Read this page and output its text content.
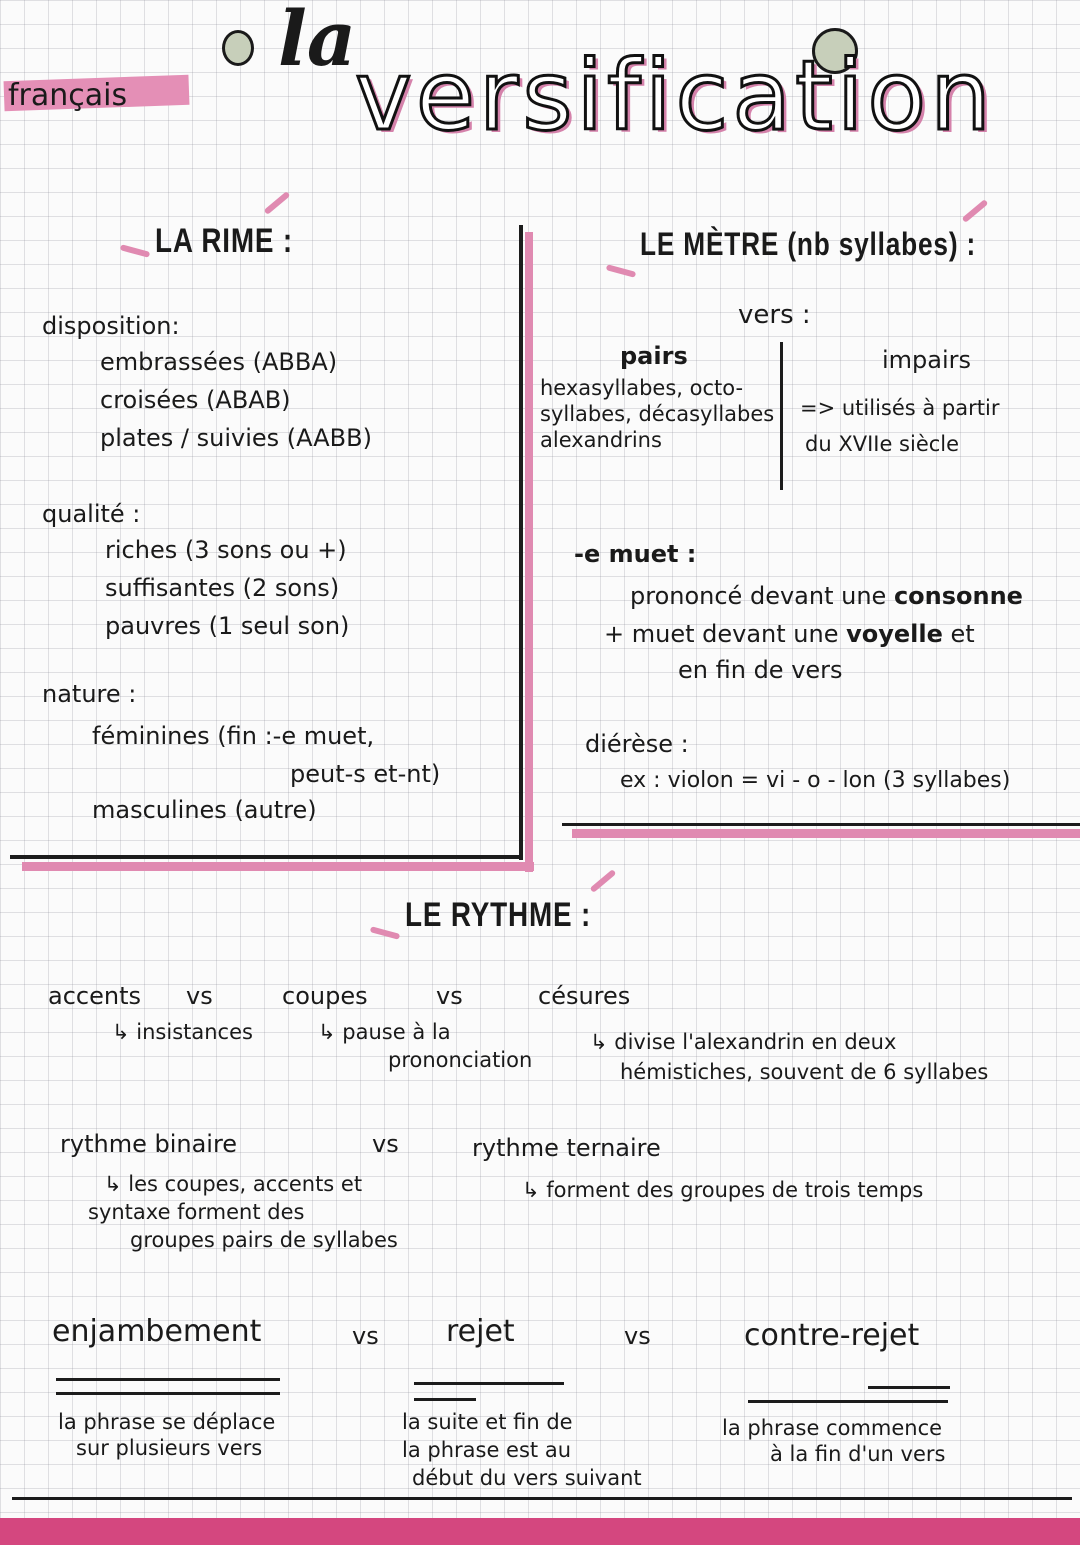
français
la
versification
LA RIME :
disposition:
embrassées (ABBA)
croisées (ABAB)
plates / suivies (AABB)
qualité :
riches (3 sons ou +)
suffisantes (2 sons)
pauvres (1 seul son)
nature :
féminines (fin :-e muet,
peut-s et-nt)
masculines (autre)
LE MÈTRE (nb syllabes) :
vers :
pairs
hexasyllabes, octo-
syllabes, décasyllabes
alexandrins
impairs
=> utilisés à partir
du XVIIe siècle
-e muet :
prononcé devant une consonne
+ muet devant une voyelle et
en fin de vers
diérèse :
ex : violon = vi - o - lon (3 syllabes)
LE RYTHME :
accents vs
↳ insistances
coupes	vs
↳ pause à la
prononciation
césures
↳ divise l'alexandrin en deux
hémistiches, souvent de 6 syllabes
rythme binaire	vs
↳ les coupes, accents et
syntaxe forment des
groupes pairs de syllabes
rythme ternaire
↳ forment des groupes de trois temps
enjambement
la phrase se déplace
sur plusieurs vers
vs rejet
la suite et fin de
la phrase est au
début du vers suivant
vs	contre-rejet
la phrase commence
à la fin d'un vers
